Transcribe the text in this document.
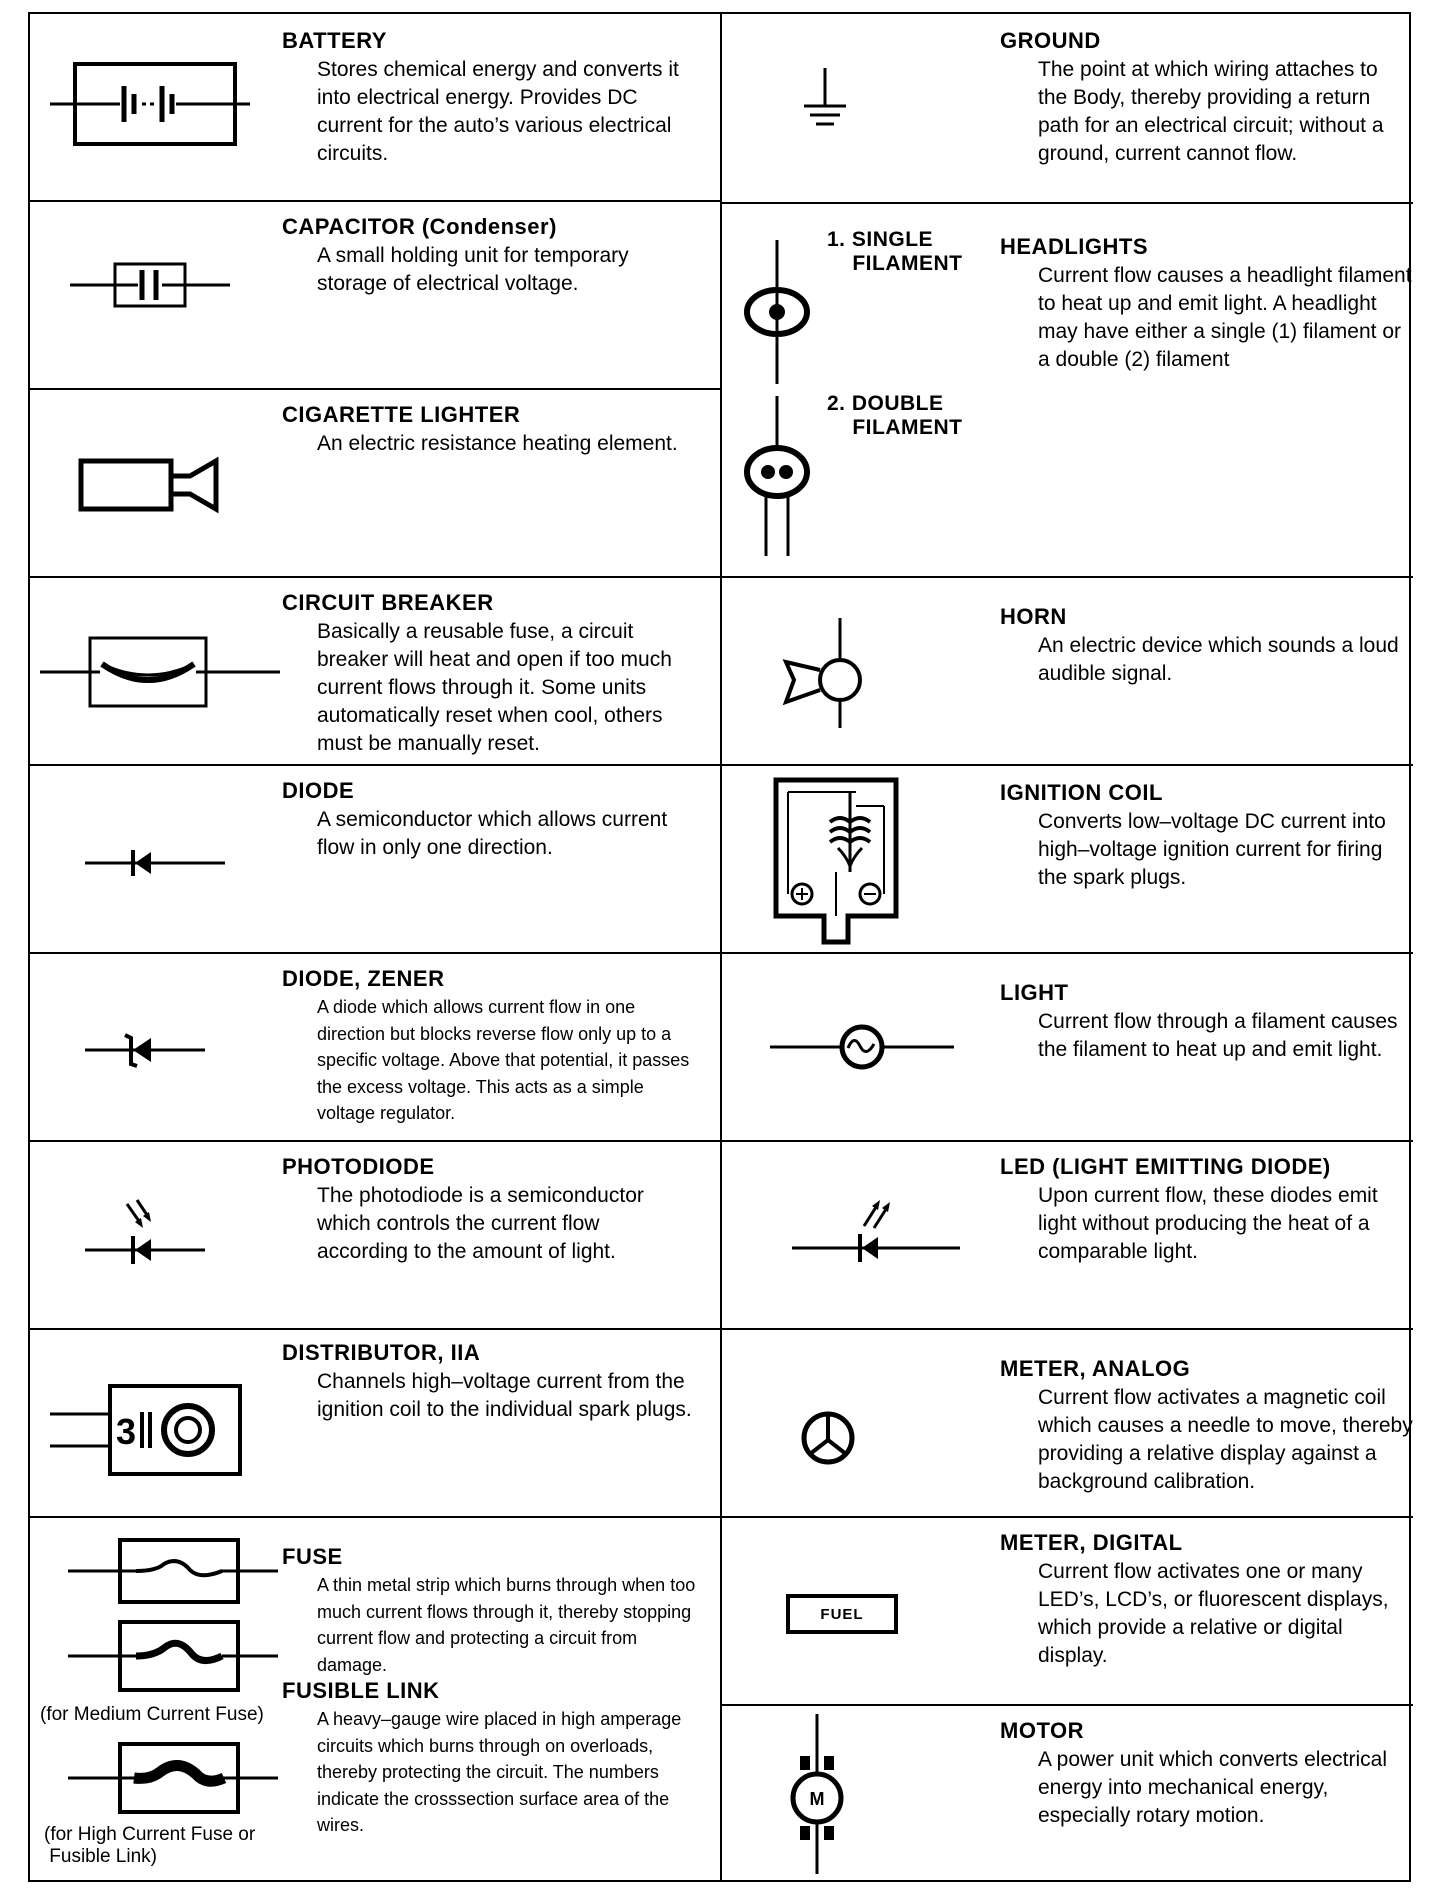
BATTERY
Stores chemical energy and converts it into electrical energy. Provides DC current for the auto’s various electrical circuits.
CAPACITOR (Condenser)
A small holding unit for temporary storage of electrical voltage.
CIGARETTE LIGHTER
An electric resistance heating element.
CIRCUIT BREAKER
Basically a reusable fuse, a circuit breaker will heat and open if too much current flows through it. Some units automatically reset when cool, others must be manually reset.
DIODE
A semiconductor which allows current flow in only one direction.
DIODE, ZENER
A diode which allows current flow in one direction but blocks reverse flow only up to a specific voltage. Above that potential, it passes the excess voltage. This acts as a simple voltage regulator.
PHOTODIODE
The photodiode is a semiconductor which controls the current flow according to the amount of light.
3
DISTRIBUTOR, IIA
Channels high–voltage current from the ignition coil to the individual spark plugs.
(for Medium Current Fuse)
(for High Current Fuse or
Fusible Link)
FUSE
A thin metal strip which burns through when too much current flows through it, thereby stopping current flow and protecting a circuit from damage.
FUSIBLE LINK
A heavy–gauge wire placed in high amperage circuits which burns through on overloads, thereby protecting the circuit. The numbers indicate the crosssection surface area of the wires.
GROUND
The point at which wiring attaches to the Body, thereby providing a return path for an electrical circuit; without a ground, current cannot flow.
1. SINGLE
FILAMENT
2. DOUBLE
FILAMENT
HEADLIGHTS
Current flow causes a headlight filament to heat up and emit light. A headlight may have either a single (1) filament or a double (2) filament
HORN
An electric device which sounds a loud audible signal.
IGNITION COIL
Converts low–voltage DC current into high–voltage ignition current for firing the spark plugs.
LIGHT
Current flow through a filament causes the filament to heat up and emit light.
LED (LIGHT EMITTING DIODE)
Upon current flow, these diodes emit light without producing the heat of a comparable light.
METER, ANALOG
Current flow activates a magnetic coil which causes a needle to move, thereby providing a relative display against a background calibration.
FUEL
METER, DIGITAL
Current flow activates one or many LED’s, LCD’s, or fluorescent displays, which provide a relative or digital display.
M
MOTOR
A power unit which converts electrical energy into mechanical energy, especially rotary motion.
